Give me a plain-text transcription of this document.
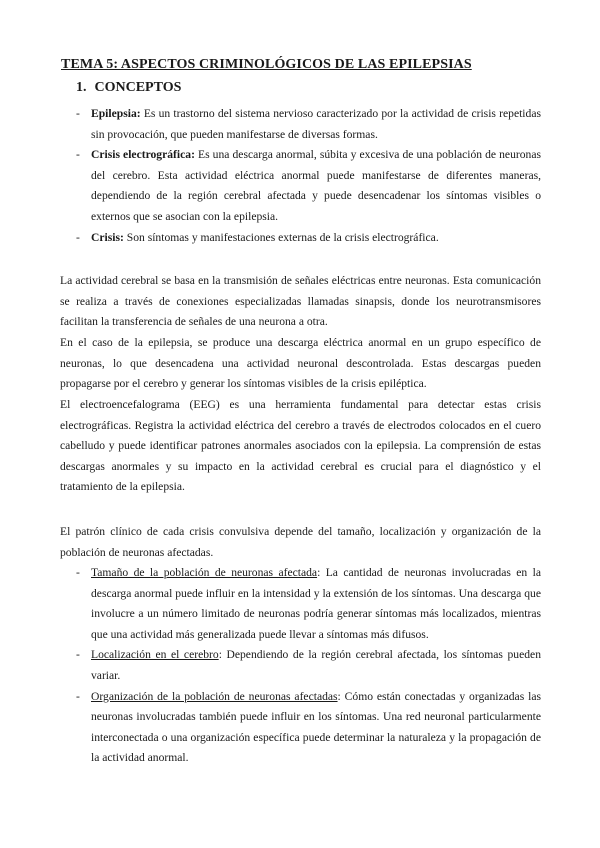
TEMA 5: ASPECTOS CRIMINOLÓGICOS DE LAS EPILEPSIAS
1. CONCEPTOS
- Epilepsia: Es un trastorno del sistema nervioso caracterizado por la actividad de crisis repetidas sin provocación, que pueden manifestarse de diversas formas.
- Crisis electrográfica: Es una descarga anormal, súbita y excesiva de una población de neuronas del cerebro. Esta actividad eléctrica anormal puede manifestarse de diferentes maneras, dependiendo de la región cerebral afectada y puede desencadenar los síntomas visibles o externos que se asocian con la epilepsia.
- Crisis: Son síntomas y manifestaciones externas de la crisis electrográfica.

La actividad cerebral se basa en la transmisión de señales eléctricas entre neuronas. Esta comunicación se realiza a través de conexiones especializadas llamadas sinapsis, donde los neurotransmisores facilitan la transferencia de señales de una neurona a otra.

En el caso de la epilepsia, se produce una descarga eléctrica anormal en un grupo específico de neuronas, lo que desencadena una actividad neuronal descontrolada. Estas descargas pueden propagarse por el cerebro y generar los síntomas visibles de la crisis epiléptica.

El electroencefalograma (EEG) es una herramienta fundamental para detectar estas crisis electrográficas. Registra la actividad eléctrica del cerebro a través de electrodos colocados en el cuero cabelludo y puede identificar patrones anormales asociados con la epilepsia. La comprensión de estas descargas anormales y su impacto en la actividad cerebral es crucial para el diagnóstico y el tratamiento de la epilepsia.

El patrón clínico de cada crisis convulsiva depende del tamaño, localización y organización de la población de neuronas afectadas.

- Tamaño de la población de neuronas afectada: La cantidad de neuronas involucradas en la descarga anormal puede influir en la intensidad y la extensión de los síntomas. Una descarga que involucre a un número limitado de neuronas podría generar síntomas más localizados, mientras que una actividad más generalizada puede llevar a síntomas más difusos.
- Localización en el cerebro: Dependiendo de la región cerebral afectada, los síntomas pueden variar.
- Organización de la población de neuronas afectadas: Cómo están conectadas y organizadas las neuronas involucradas también puede influir en los síntomas. Una red neuronal particularmente interconectada o una organización específica puede determinar la naturaleza y la propagación de la actividad anormal.
